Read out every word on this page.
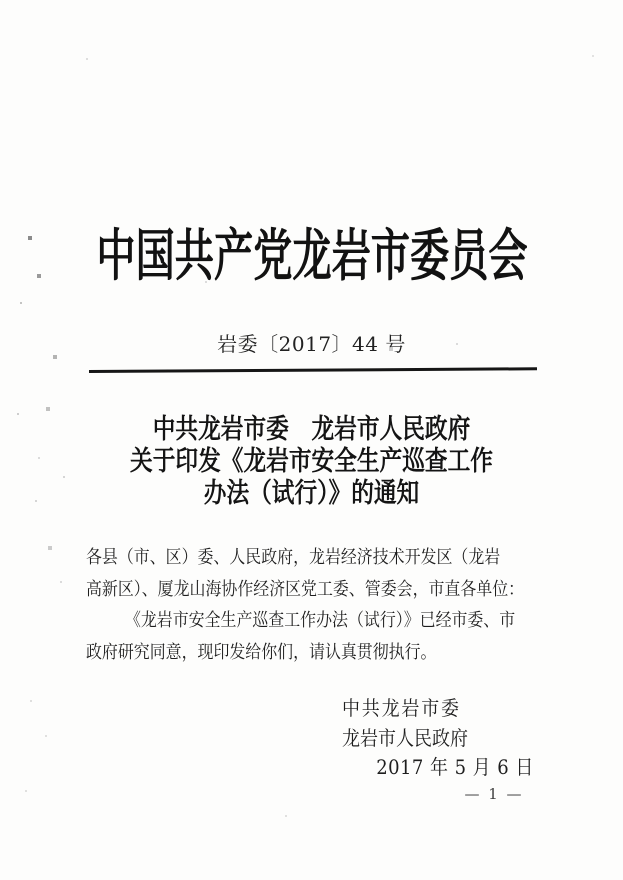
中国共产党龙岩市委员会
岩委〔2017〕44 号
中共龙岩市委　龙岩市人民政府
关于印发《龙岩市安全生产巡查工作
办法（试行）》的通知
各县（市、区）委、人民政府，龙岩经济技术开发区（龙岩
高新区）、厦龙山海协作经济区党工委、管委会，市直各单位：
《龙岩市安全生产巡查工作办法（试行）》已经市委、市
政府研究同意，现印发给你们，请认真贯彻执行。
中共龙岩市委
龙岩市人民政府
2017 年 5 月 6 日
— 1 —
